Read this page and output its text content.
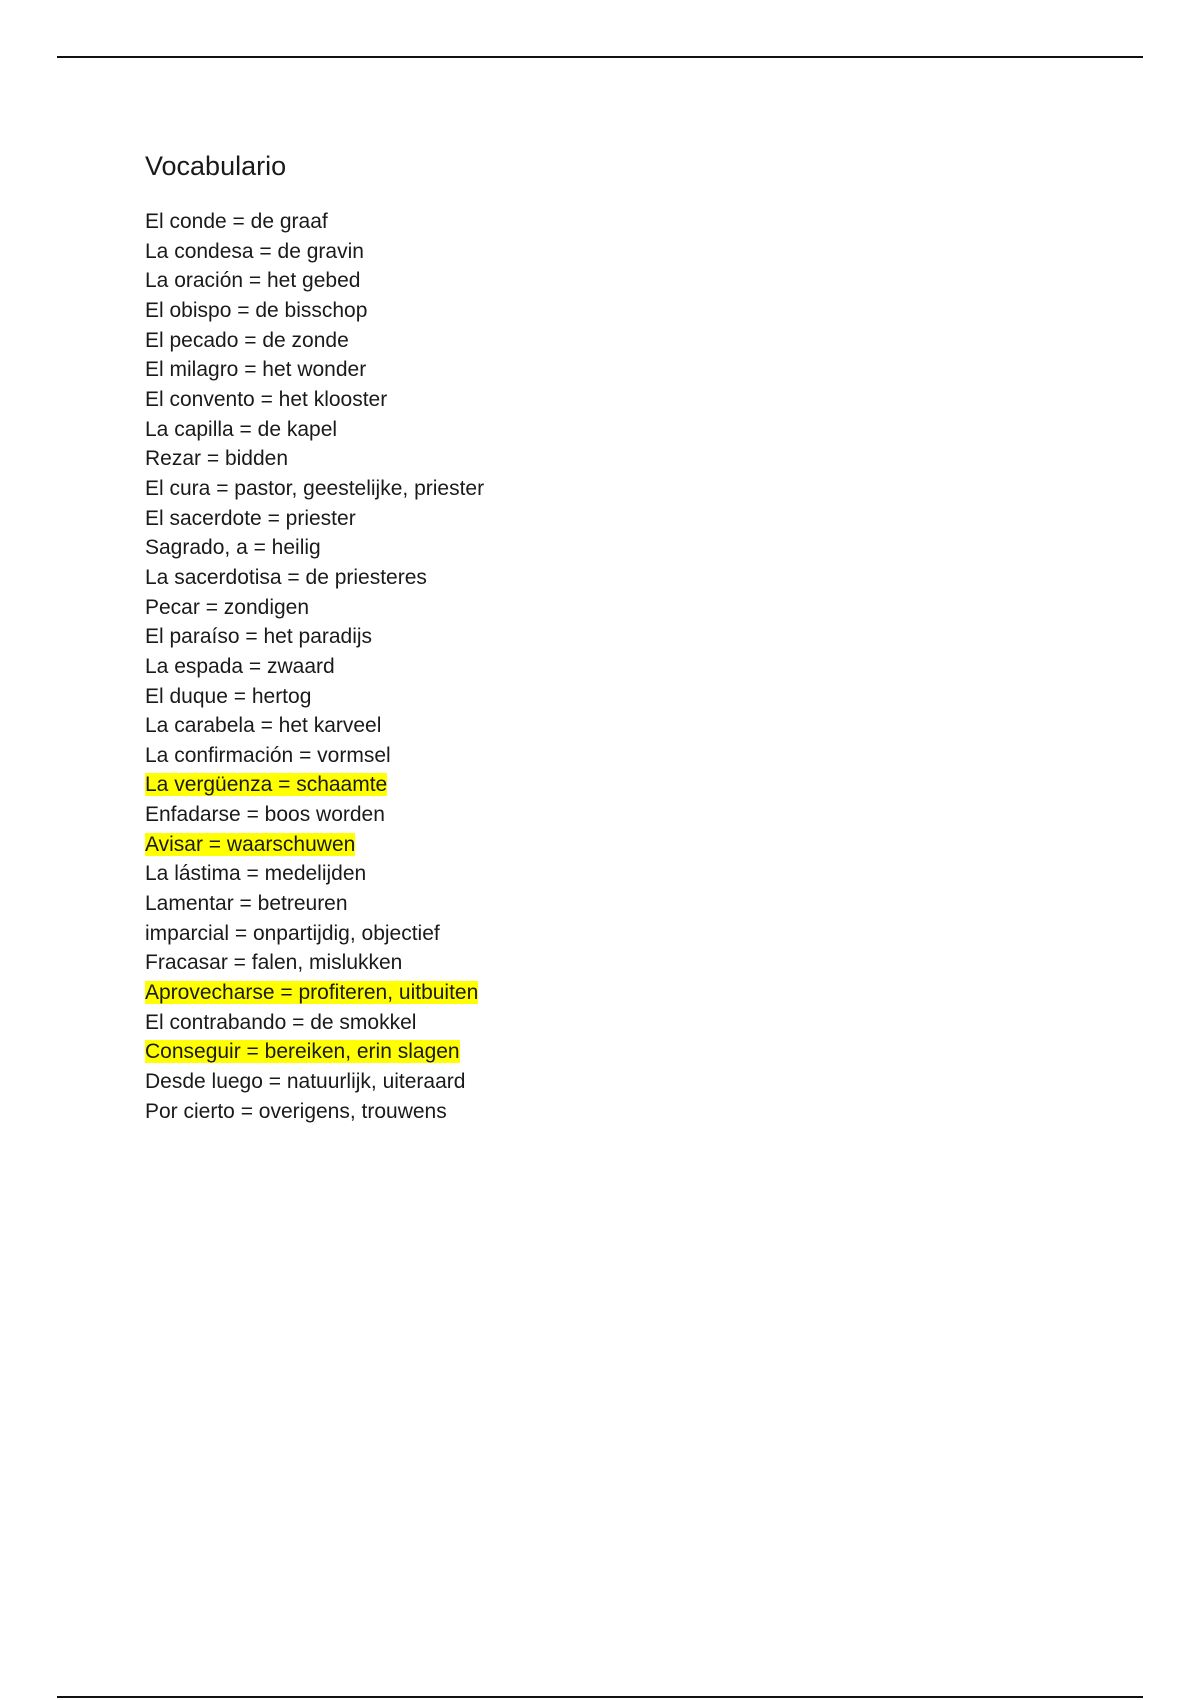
Vocabulario
El conde = de graaf
La condesa = de gravin
La oración = het gebed
El obispo = de bisschop
El pecado = de zonde
El milagro = het wonder
El convento = het klooster
La capilla = de kapel
Rezar = bidden
El cura = pastor, geestelijke, priester
El sacerdote = priester
Sagrado, a = heilig
La sacerdotisa = de priesteres
Pecar = zondigen
El paraíso = het paradijs
La espada = zwaard
El duque = hertog
La carabela = het karveel
La confirmación = vormsel
La vergüenza = schaamte
Enfadarse = boos worden
Avisar = waarschuwen
La lástima = medelijden
Lamentar = betreuren
imparcial = onpartijdig, objectief
Fracasar = falen, mislukken
Aprovecharse = profiteren, uitbuiten
El contrabando = de smokkel
Conseguir = bereiken, erin slagen
Desde luego = natuurlijk, uiteraard
Por cierto = overigens, trouwens
